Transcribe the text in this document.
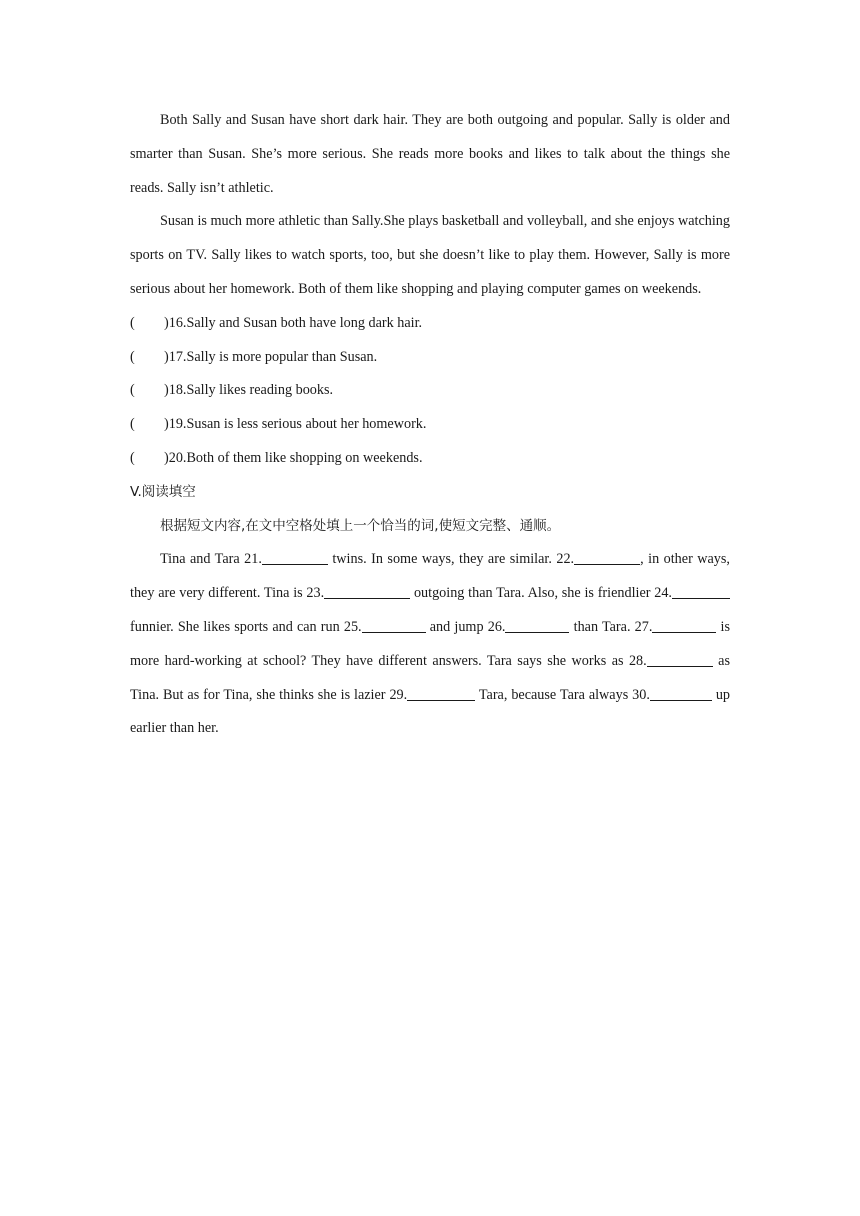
Both Sally and Susan have short dark hair. They are both outgoing and popular. Sally is older and smarter than Susan. She’s more serious. She reads more books and likes to talk about the things she reads. Sally isn’t athletic.

Susan is much more athletic than Sally.She plays basketball and volleyball, and she enjoys watching sports on TV. Sally likes to watch sports, too, but she doesn’t like to play them. However, Sally is more serious about her homework. Both of them like shopping and playing computer games on weekends.

( )16.Sally and Susan both have long dark hair.

( )17.Sally is more popular than Susan.

( )18.Sally likes reading books.

( )19.Susan is less serious about her homework.

( )20.Both of them like shopping on weekends.

V.阅读填空

根据短文内容,在文中空格处填上一个恰当的词,使短文完整、通顺。

Tina and Tara 21.	twins. In some ways, they are similar. 22.	, in other ways, they are very different. Tina is 23.	outgoing than Tara. Also, she is friendlier 24. funnier. She likes sports and can run 25.	and jump 26.	than Tara. 27.	is more hard-working at school? They have different answers. Tara says she works as 28.	as Tina. But as for Tina, she thinks she is lazier 29.	Tara, because Tara always 30.	up earlier than her.
